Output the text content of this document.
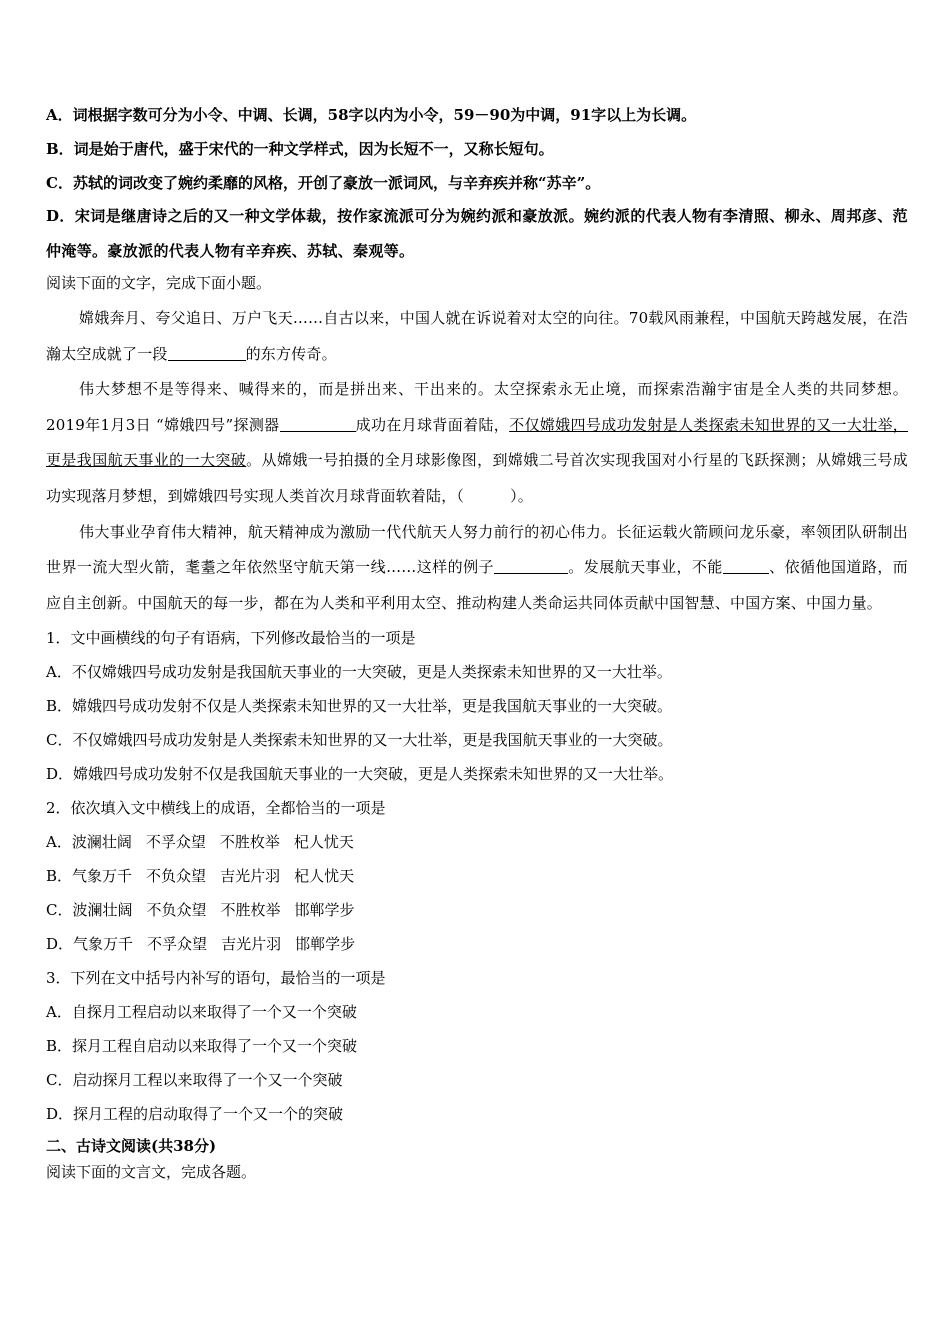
A．词根据字数可分为小令、中调、长调，58字以内为小令，59－90为中调，91字以上为长调。
B．词是始于唐代，盛于宋代的一种文学样式，因为长短不一，又称长短句。
C．苏轼的词改变了婉约柔靡的风格，开创了豪放一派词风，与辛弃疾并称“苏辛”。
D．宋词是继唐诗之后的又一种文学体裁，按作家流派可分为婉约派和豪放派。婉约派的代表人物有李清照、柳永、周邦彦、范仲淹等。豪放派的代表人物有辛弃疾、苏轼、秦观等。
阅读下面的文字，完成下面小题。
嫦娥奔月、夸父追日、万户飞天……自古以来，中国人就在诉说着对太空的向往。70载风雨兼程，中国航天跨越发展，在浩瀚太空成就了一段	的东方传奇。
伟大梦想不是等得来、喊得来的，而是拼出来、干出来的。太空探索永无止境，而探索浩瀚宇宙是全人类的共同梦想。2019年1月3日 “嫦娥四号”探测器	成功在月球背面着陆，不仅嫦娥四号成功发射是人类探索未知世界的又一大壮举，更是我国航天事业的一大突破。从嫦娥一号拍摄的全月球影像图，到嫦娥二号首次实现我国对小行星的飞跃探测；从嫦娥三号成功实现落月梦想，到嫦娥四号实现人类首次月球背面软着陆，（	）。
伟大事业孕育伟大精神，航天精神成为激励一代代航天人努力前行的初心伟力。长征运载火箭顾问龙乐豪，率领团队研制出世界一流大型火箭，耄耋之年依然坚守航天第一线……这样的例子	。发展航天事业，不能	、依循他国道路，而应自主创新。中国航天的每一步，都在为人类和平利用太空、推动构建人类命运共同体贡献中国智慧、中国方案、中国力量。
1．文中画横线的句子有语病，下列修改最恰当的一项是
A．不仅嫦娥四号成功发射是我国航天事业的一大突破，更是人类探索未知世界的又一大壮举。
B．嫦娥四号成功发射不仅是人类探索未知世界的又一大壮举，更是我国航天事业的一大突破。
C．不仅嫦娥四号成功发射是人类探索未知世界的又一大壮举，更是我国航天事业的一大突破。
D．嫦娥四号成功发射不仅是我国航天事业的一大突破，更是人类探索未知世界的又一大壮举。
2．依次填入文中横线上的成语，全都恰当的一项是
A．波澜壮阔 不孚众望 不胜枚举 杞人忧天
B．气象万千 不负众望 吉光片羽 杞人忧天
C．波澜壮阔 不负众望 不胜枚举 邯郸学步
D．气象万千 不孚众望 吉光片羽 邯郸学步
3．下列在文中括号内补写的语句，最恰当的一项是
A．自探月工程启动以来取得了一个又一个突破
B．探月工程自启动以来取得了一个又一个突破
C．启动探月工程以来取得了一个又一个突破
D．探月工程的启动取得了一个又一个的突破
二、古诗文阅读(共38分)
阅读下面的文言文，完成各题。
